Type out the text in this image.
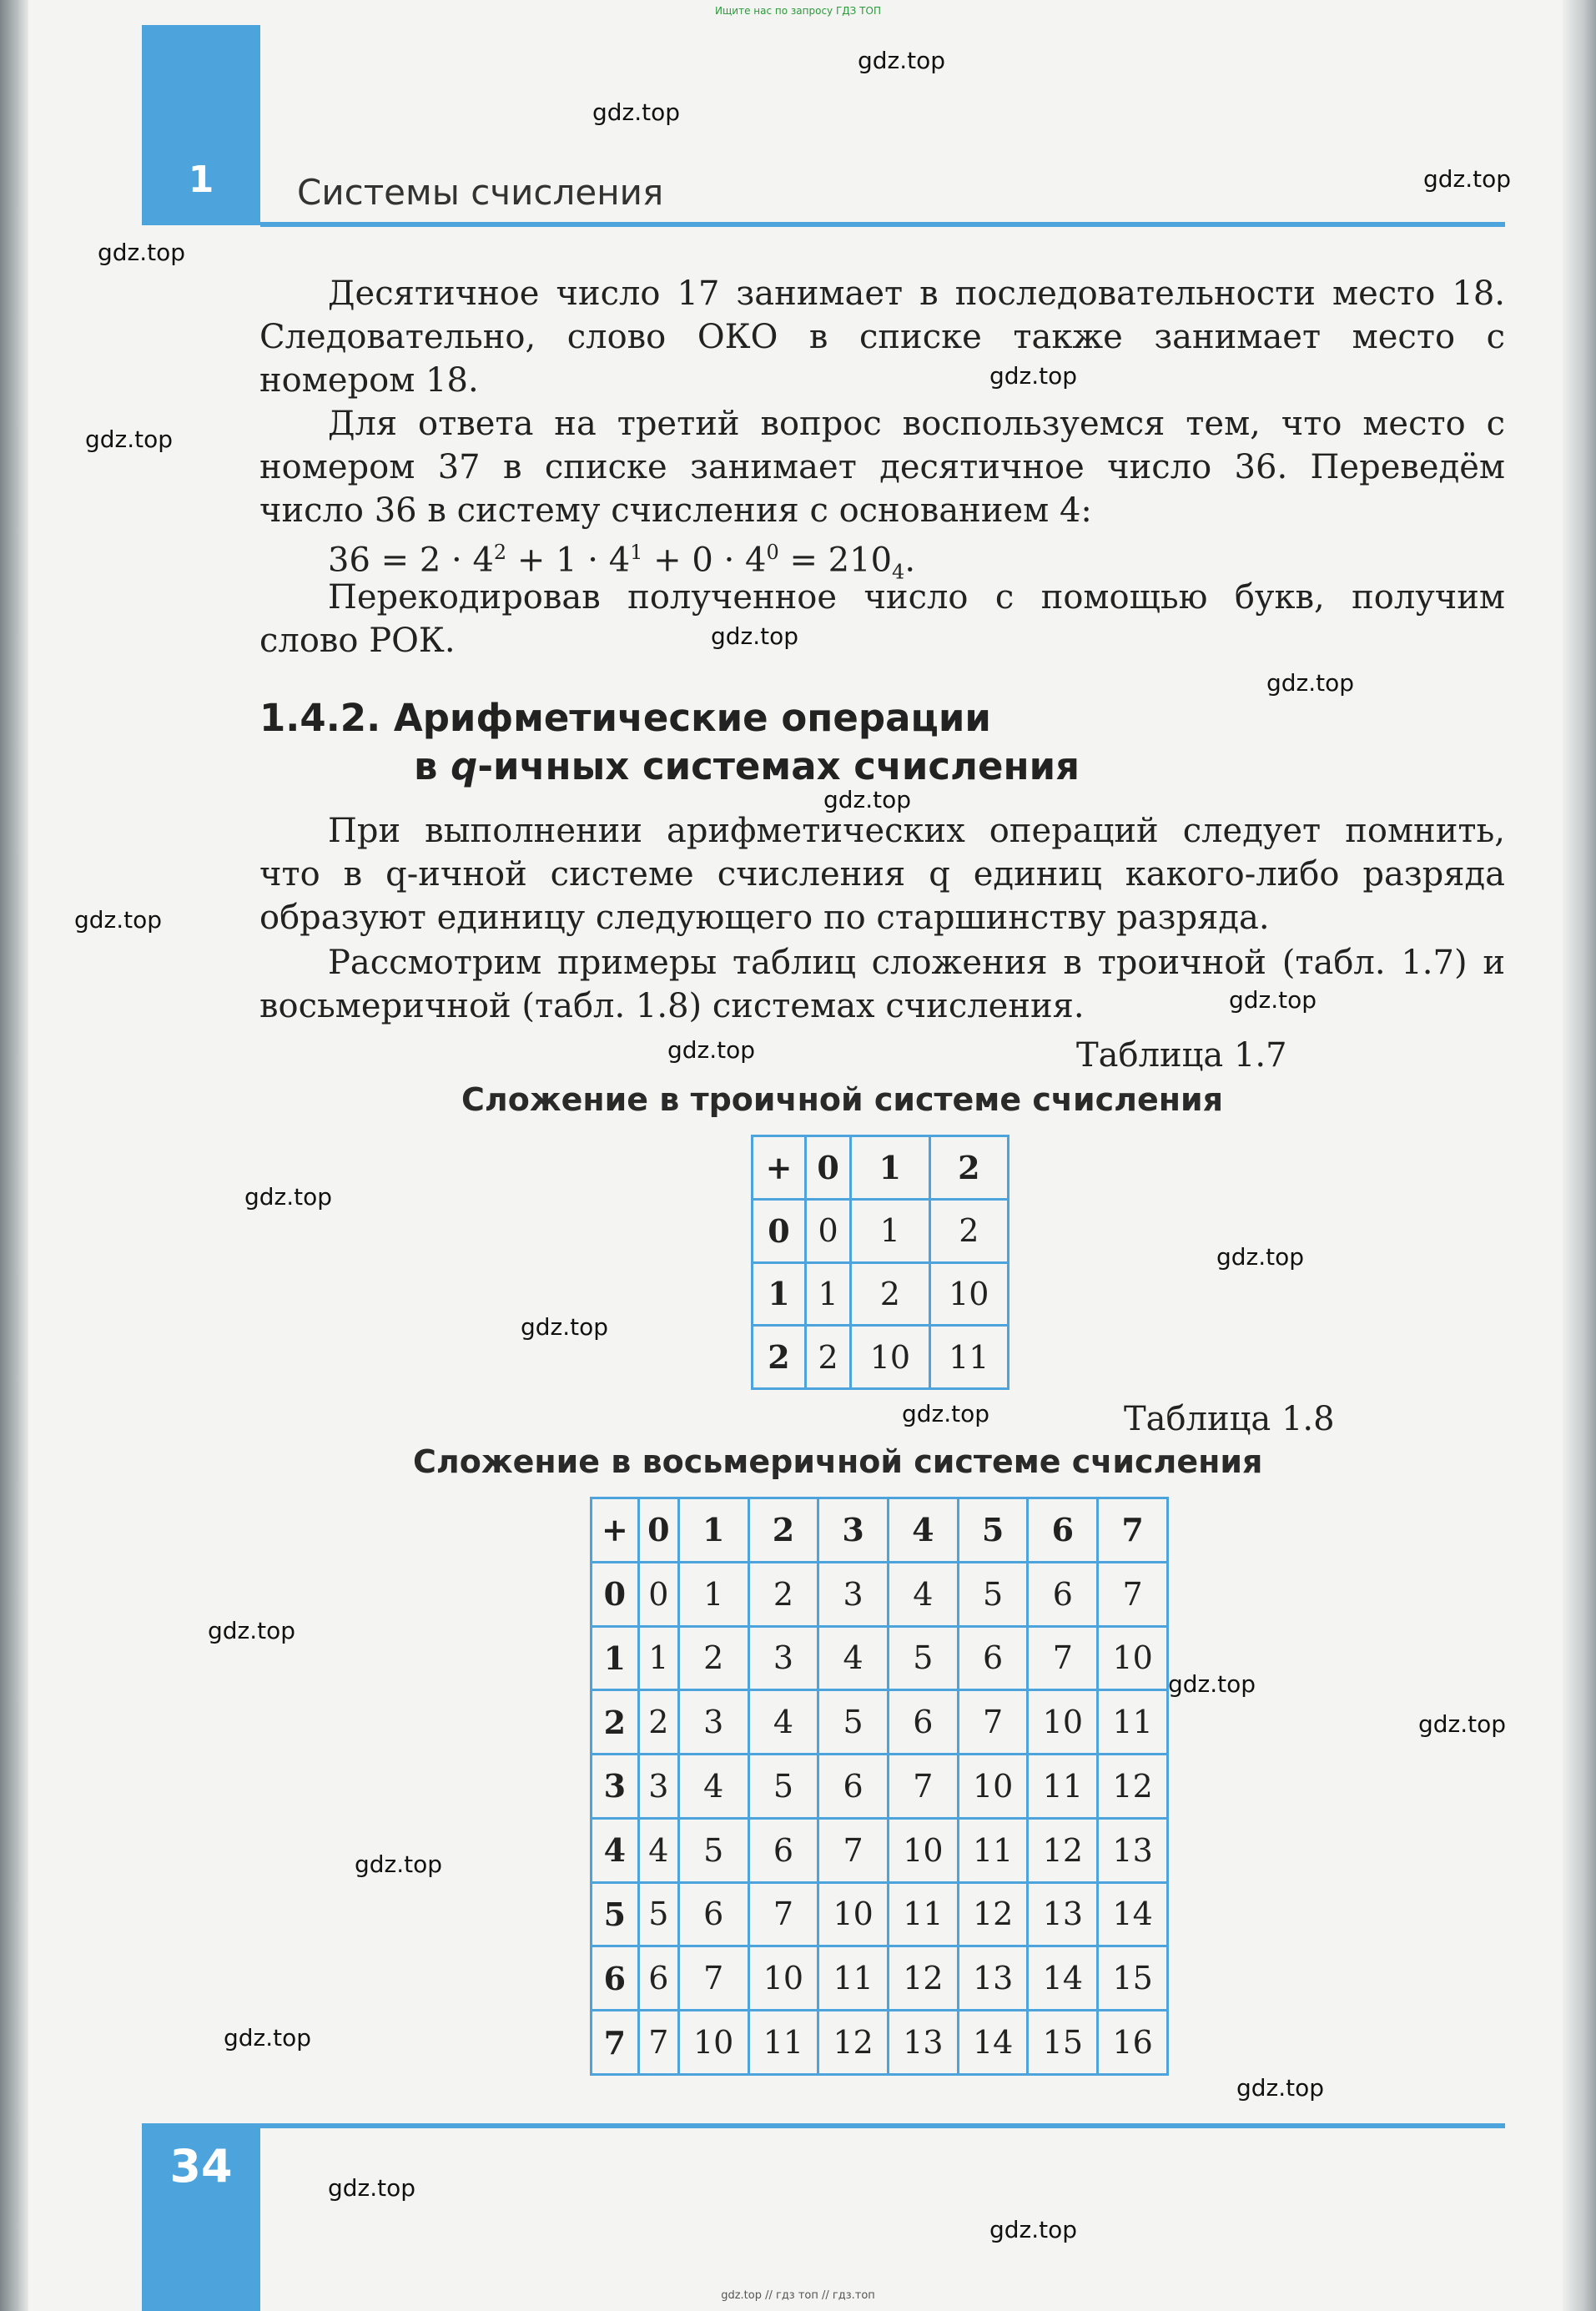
Ищите нас по запросу ГДЗ ТОП
1	Системы счисления

Десятичное число 17 занимает в последовательности место 18. Следовательно, слово ОКО в списке также занимает место с номером 18.

Для ответа на третий вопрос воспользуемся тем, что место с номером 37 в списке занимает десятичное число 36. Переведём число 36 в систему счисления с основанием 4:

$36 = 2 \cdot 4^2 + 1 \cdot 4^1 + 0 \cdot 4^0 = 210_4$.

Перекодировав полученное число с помощью букв, получим слово РОК.

1.4.2. Арифметические операции
в q-ичных системах счисления

При выполнении арифметических операций следует помнить, что в q-ичной системе счисления q единиц какого-либо разряда образуют единицу следующего по старшинству разряда.

Рассмотрим примеры таблиц сложения в троичной (табл. 1.7) и восьмеричной (табл. 1.8) системах счисления.

Таблица 1.7
Сложение в троичной системе счисления
+	0	1	2
0	0	1	2
1	1	2	10
2	2	10	11
Таблица 1.8
Сложение в восьмеричной системе счисления
+	0	1	2	3	4	5	6	7
0	0	1	2	3	4	5	6	7
1	1	2	3	4	5	6	7	10
2	2	3	4	5	6	7	10	11
3	3	4	5	6	7	10	11	12
4	4	5	6	7	10	11	12	13
5	5	6	7	10	11	12	13	14
6	6	7	10	11	12	13	14	15
7	7	10	11	12	13	14	15	16
34
gdz.top
gdz.top
gdz.top
gdz.top
gdz.top
gdz.top
gdz.top
gdz.top
gdz.top
gdz.top
gdz.top
gdz.top
gdz.top
gdz.top
gdz.top
gdz.top
gdz.top
gdz.top
gdz.top
gdz.top
gdz.top
gdz.top
gdz.top
gdz.top
gdz.top // гдз топ // гдз.топ
